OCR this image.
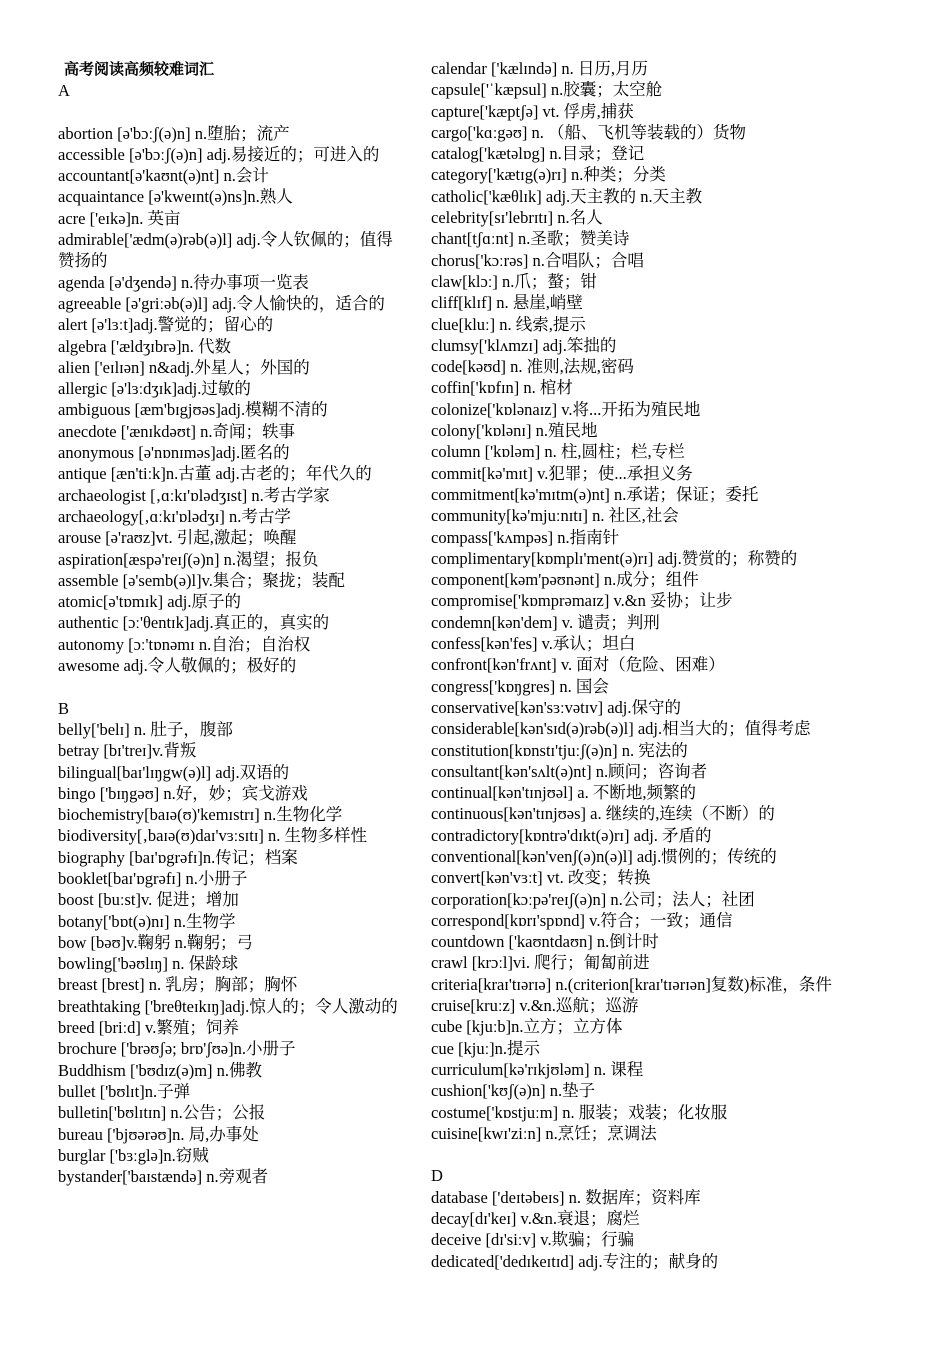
高考阅读高频较难词汇
A
abortion [ə'bɔːʃ(ə)n] n.堕胎；流产
accessible [ə'bɔːʃ(ə)n] adj.易接近的；可进入的
accountant[ə'kaʊnt(ə)nt] n.会计
acquaintance [ə'kweɪnt(ə)ns]n.熟人
acre ['eɪkə]n. 英亩
admirable['ædm(ə)rəb(ə)l] adj.令人钦佩的；值得赞扬的
agenda [ə'dʒendə] n.待办事项一览表
agreeable [ə'griːəb(ə)l] adj.令人愉快的，适合的
alert [ə'lɜːt]adj.警觉的；留心的
algebra ['ældʒɪbrə]n. 代数
alien ['eɪlɪən] n&adj.外星人；外国的
allergic [ə'lɜːdʒɪk]adj.过敏的
ambiguous [æm'bɪgjʊəs]adj.模糊不清的
anecdote ['ænɪkdəʊt] n.奇闻；轶事
anonymous [ə'nɒnɪməs]adj.匿名的
antique [æn'tiːk]n.古董 adj.古老的；年代久的
archaeologist [‚ɑːkɪ'ɒlədʒɪst] n.考古学家
archaeology[‚ɑːkɪ'ɒlədʒɪ] n.考古学
arouse [ə'raʊz]vt. 引起,激起；唤醒
aspiration[æspə'reɪʃ(ə)n] n.渴望；报负
assemble [ə'semb(ə)l]v.集合；聚拢；装配
atomic[ə'tɒmɪk] adj.原子的
authentic [ɔː'θentɪk]adj.真正的，真实的
autonomy [ɔː'tɒnəmɪ n.自治；自治权
awesome adj.令人敬佩的；极好的
B
belly['belɪ] n. 肚子，腹部
betray [bɪ'treɪ]v.背叛
bilingual[baɪ'lɪŋgw(ə)l] adj.双语的
bingo ['bɪŋgəʊ] n.好，妙；宾戈游戏
biochemistry[baɪə(ʊ)'kemɪstrɪ] n.生物化学
biodiversity[‚baɪə(ʊ)daɪ'vɜːsɪtɪ] n. 生物多样性
biography [baɪ'ɒgrəfɪ]n.传记；档案
booklet[baɪ'ɒgrəfɪ] n.小册子
boost [buːst]v. 促进；增加
botany['bɒt(ə)nɪ] n.生物学
bow [bəʊ]v.鞠躬 n.鞠躬；弓
bowling['bəʊlɪŋ] n. 保龄球
breast [brest] n. 乳房；胸部；胸怀
breathtaking ['breθteɪkɪŋ]adj.惊人的；令人激动的
breed [briːd] v.繁殖；饲养
brochure ['brəʊʃə; brɒ'ʃʊə]n.小册子
Buddhism ['bʊdɪz(ə)m] n.佛教
bullet ['bʊlɪt]n.子弹
bulletin['bʊlɪtɪn] n.公告；公报
bureau ['bjʊərəʊ]n. 局,办事处
burglar ['bɜːglə]n.窃贼
bystander['baɪstændə] n.旁观者
calendar ['kælɪndə] n. 日历,月历
capsule['ˈkæpsul] n.胶囊；太空舱
capture['kæptʃə] vt. 俘虏,捕获
cargo['kɑːgəʊ] n. （船、飞机等装载的）货物
catalog['kætəlɒg] n.目录；登记
category['kætɪg(ə)rɪ] n.种类；分类
catholic['kæθlɪk] adj.天主教的 n.天主教
celebrity[sɪ'lebrɪtɪ] n.名人
chant[tʃɑːnt] n.圣歌；赞美诗
chorus['kɔːrəs] n.合唱队；合唱
claw[klɔː] n.爪；螯；钳
cliff[klɪf] n. 悬崖,峭壁
clue[kluː] n. 线索,提示
clumsy['klʌmzɪ] adj.笨拙的
code[kəʊd] n. 准则,法规,密码
coffin['kɒfɪn] n. 棺材
colonize['kɒlənaɪz] v.将...开拓为殖民地
colony['kɒlənɪ] n.殖民地
column ['kɒləm] n. 柱,圆柱；栏,专栏
commit[kə'mɪt] v.犯罪；使...承担义务
commitment[kə'mɪtm(ə)nt] n.承诺；保证；委托
community[kə'mjuːnɪtɪ] n. 社区,社会
compass['kʌmpəs] n.指南针
complimentary[kɒmplɪ'ment(ə)rɪ] adj.赞赏的；称赞的
component[kəm'pəʊnənt] n.成分；组件
compromise['kɒmprəmaɪz] v.&n 妥协；让步
condemn[kən'dem] v. 谴责；判刑
confess[kən'fes] v.承认；坦白
confront[kən'frʌnt] v. 面对（危险、困难）
congress['kɒŋgres] n. 国会
conservative[kən'sɜːvətɪv] adj.保守的
considerable[kən'sɪd(ə)rəb(ə)l] adj.相当大的；值得考虑
constitution[kɒnstɪ'tjuːʃ(ə)n] n. 宪法的
consultant[kən'sʌlt(ə)nt] n.顾问；咨询者
continual[kən'tɪnjʊəl] a. 不断地,频繁的
continuous[kən'tɪnjʊəs] a. 继续的,连续（不断）的
contradictory[kɒntrə'dɪkt(ə)rɪ] adj. 矛盾的
conventional[kən'venʃ(ə)n(ə)l] adj.惯例的；传统的
convert[kən'vɜːt] vt. 改变；转换
corporation[kɔːpə'reɪʃ(ə)n] n.公司；法人；社团
correspond[kɒrɪ'spɒnd] v.符合；一致；通信
countdown ['kaʊntdaʊn] n.倒计时
crawl [krɔːl]vi. 爬行；匍匐前进
criteria[kraɪ'tɪərɪə] n.(criterion[kraɪ'tɪərɪən]复数)标准，条件
cruise[kruːz] v.&n.巡航；巡游
cube [kjuːb]n.立方；立方体
cue [kjuː]n.提示
curriculum[kə'rɪkjʊləm] n. 课程
cushion['kʊʃ(ə)n] n.垫子
costume['kɒstjuːm] n. 服装；戏装；化妆服
cuisine[kwɪ'ziːn] n.烹饪；烹调法
D
database ['deɪtəbeɪs] n. 数据库；资料库
decay[dɪ'keɪ] v.&n.衰退；腐烂
deceive [dɪ'siːv] v.欺骗；行骗
dedicated['dedɪkeɪtɪd] adj.专注的；献身的
